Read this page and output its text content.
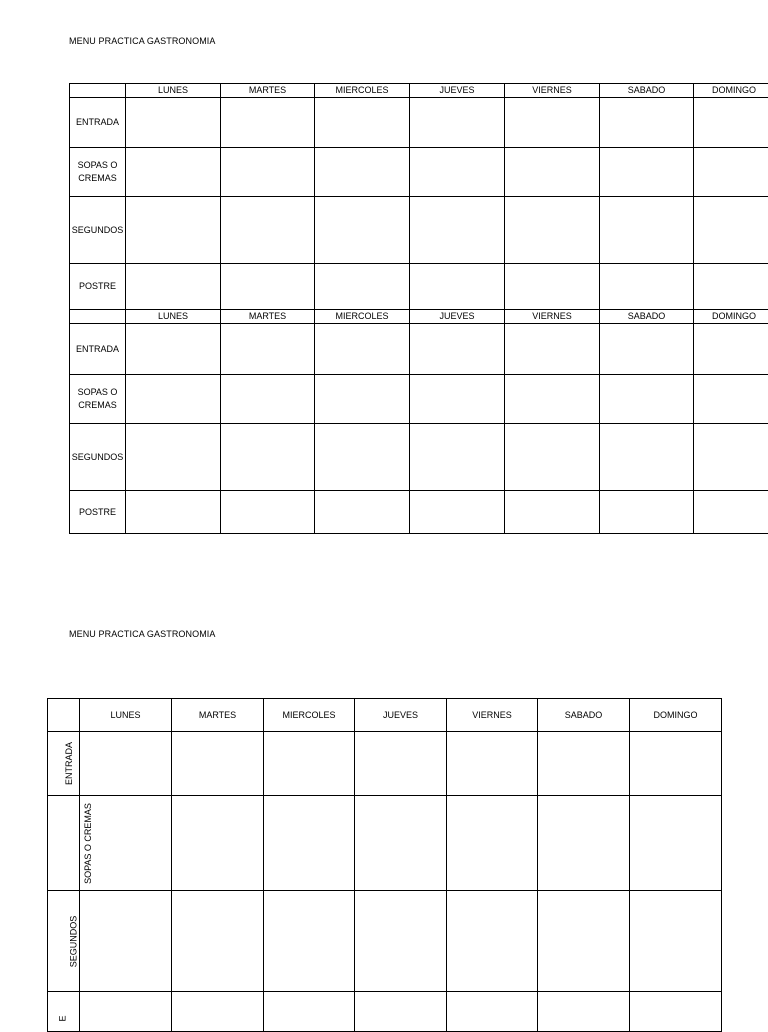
MENU PRACTICA GASTRONOMIA
	LUNES	MARTES	MIERCOLES	JUEVES	VIERNES	SABADO	DOMINGO
ENTRADA							
SOPAS O
CREMAS							
SEGUNDOS							
POSTRE							
	LUNES	MARTES	MIERCOLES	JUEVES	VIERNES	SABADO	DOMINGO
ENTRADA							
SOPAS O
CREMAS							
SEGUNDOS							
POSTRE							
MENU PRACTICA GASTRONOMIA
	LUNES	MARTES	MIERCOLES	JUEVES	VIERNES	SABADO	DOMINGO
ENTRADA							
SOPAS O CREMAS							
SEGUNDOS							
E							
